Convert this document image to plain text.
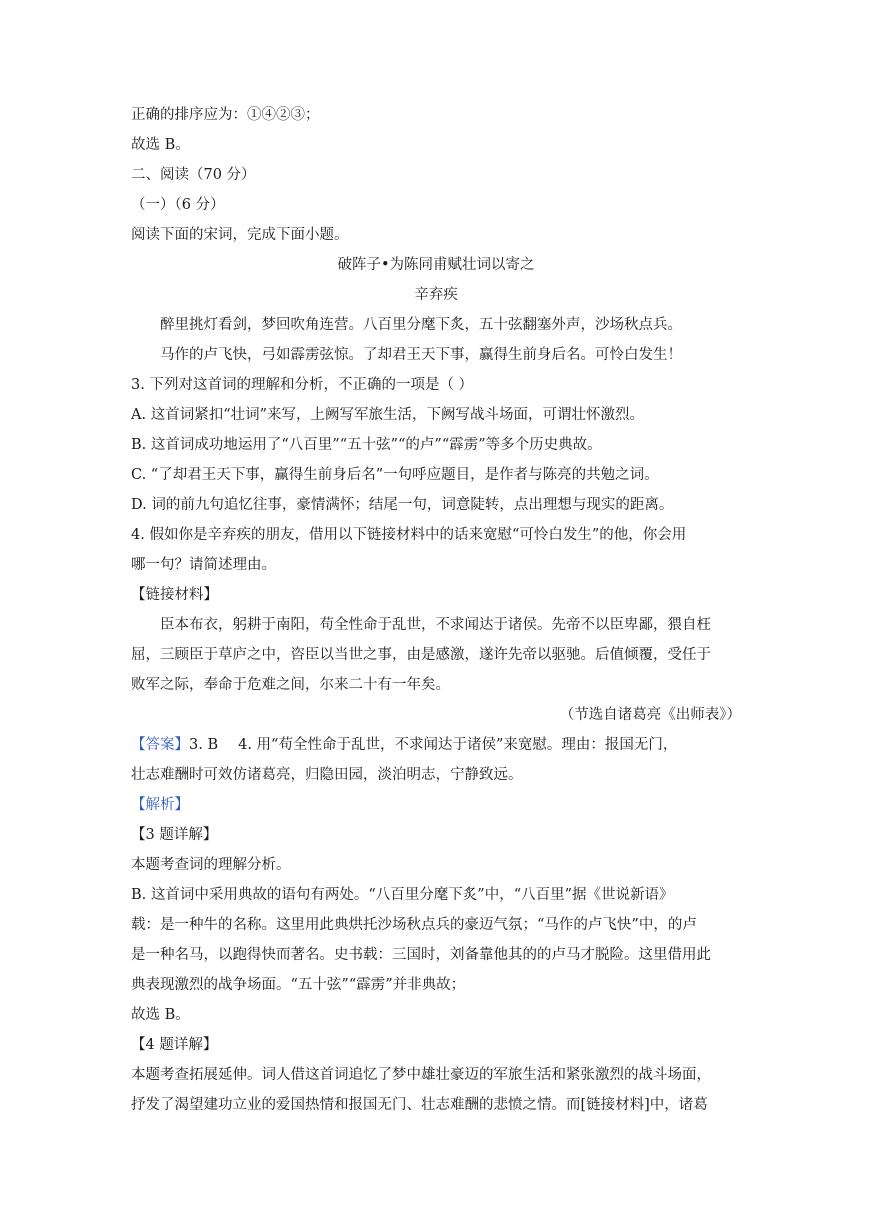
正确的排序应为：①④②③；
故选 B。
二、阅读（70 分）
（一）（6 分）
阅读下面的宋词，完成下面小题。
破阵子•为陈同甫赋壮词以寄之
辛弃疾
醉里挑灯看剑，梦回吹角连营。八百里分麾下炙，五十弦翻塞外声，沙场秋点兵。
马作的卢飞快，弓如霹雳弦惊。了却君王天下事，赢得生前身后名。可怜白发生！
3. 下列对这首词的理解和分析，不正确的一项是（ ）
A. 这首词紧扣“壮词”来写，上阙写军旅生活，下阙写战斗场面，可谓壮怀激烈。
B. 这首词成功地运用了“八百里”“五十弦”“的卢”“霹雳”等多个历史典故。
C. “了却君王天下事，赢得生前身后名”一句呼应题目，是作者与陈亮的共勉之词。
D. 词的前九句追忆往事，豪情满怀；结尾一句，词意陡转，点出理想与现实的距离。
4. 假如你是辛弃疾的朋友，借用以下链接材料中的话来宽慰“可怜白发生”的他，你会用
哪一句？请简述理由。
【链接材料】
臣本布衣，躬耕于南阳，苟全性命于乱世，不求闻达于诸侯。先帝不以臣卑鄙，猥自枉
屈，三顾臣于草庐之中，咨臣以当世之事，由是感激，遂许先帝以驱驰。后值倾覆，受任于
败军之际，奉命于危难之间，尔来二十有一年矣。
（节选自诸葛亮《出师表》）
【答案】3. B 4. 用“苟全性命于乱世，不求闻达于诸侯”来宽慰。理由：报国无门，
壮志难酬时可效仿诸葛亮，归隐田园，淡泊明志，宁静致远。
【解析】
【3 题详解】
本题考查词的理解分析。
B. 这首词中采用典故的语句有两处。“八百里分麾下炙”中，“八百里”据《世说新语》
载：是一种牛的名称。这里用此典烘托沙场秋点兵的豪迈气氛；“马作的卢飞快”中，的卢
是一种名马，以跑得快而著名。史书载：三国时，刘备靠他其的的卢马才脱险。这里借用此
典表现激烈的战争场面。“五十弦”“霹雳”并非典故；
故选 B。
【4 题详解】
本题考查拓展延伸。词人借这首词追忆了梦中雄壮豪迈的军旅生活和紧张激烈的战斗场面，
抒发了渴望建功立业的爱国热情和报国无门、壮志难酬的悲愤之情。而[链接材料]中，诸葛
